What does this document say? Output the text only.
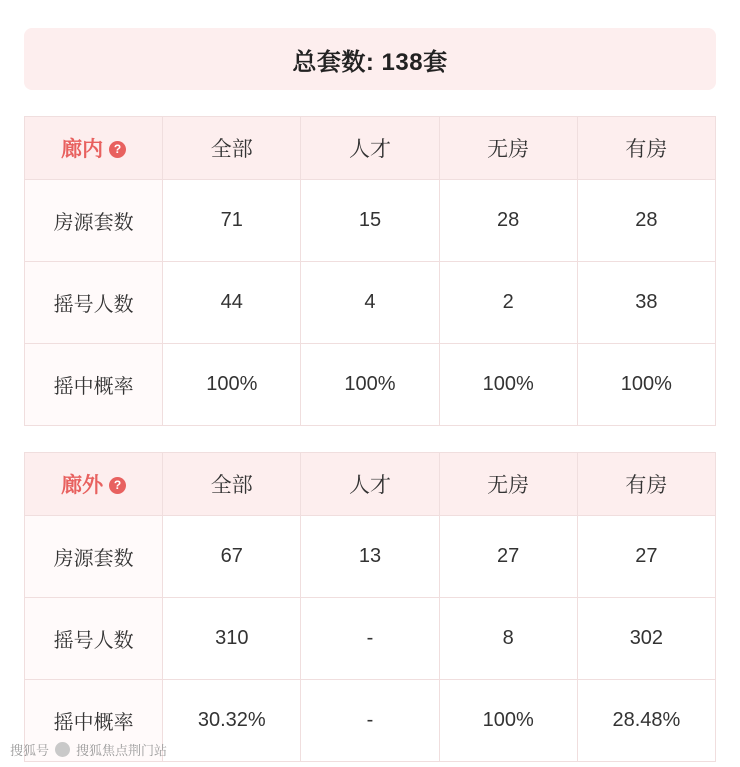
总套数: 138套
廊内 ?	全部	人才	无房	有房
房源套数	71	15	28	28
摇号人数	44	4	2	38
摇中概率	100%	100%	100%	100%
廊外 ?	全部	人才	无房	有房
房源套数	67	13	27	27
摇号人数	310	-	8	302
摇中概率	30.32%	-	100%	28.48%
搜狐号 搜狐焦点荆门站
